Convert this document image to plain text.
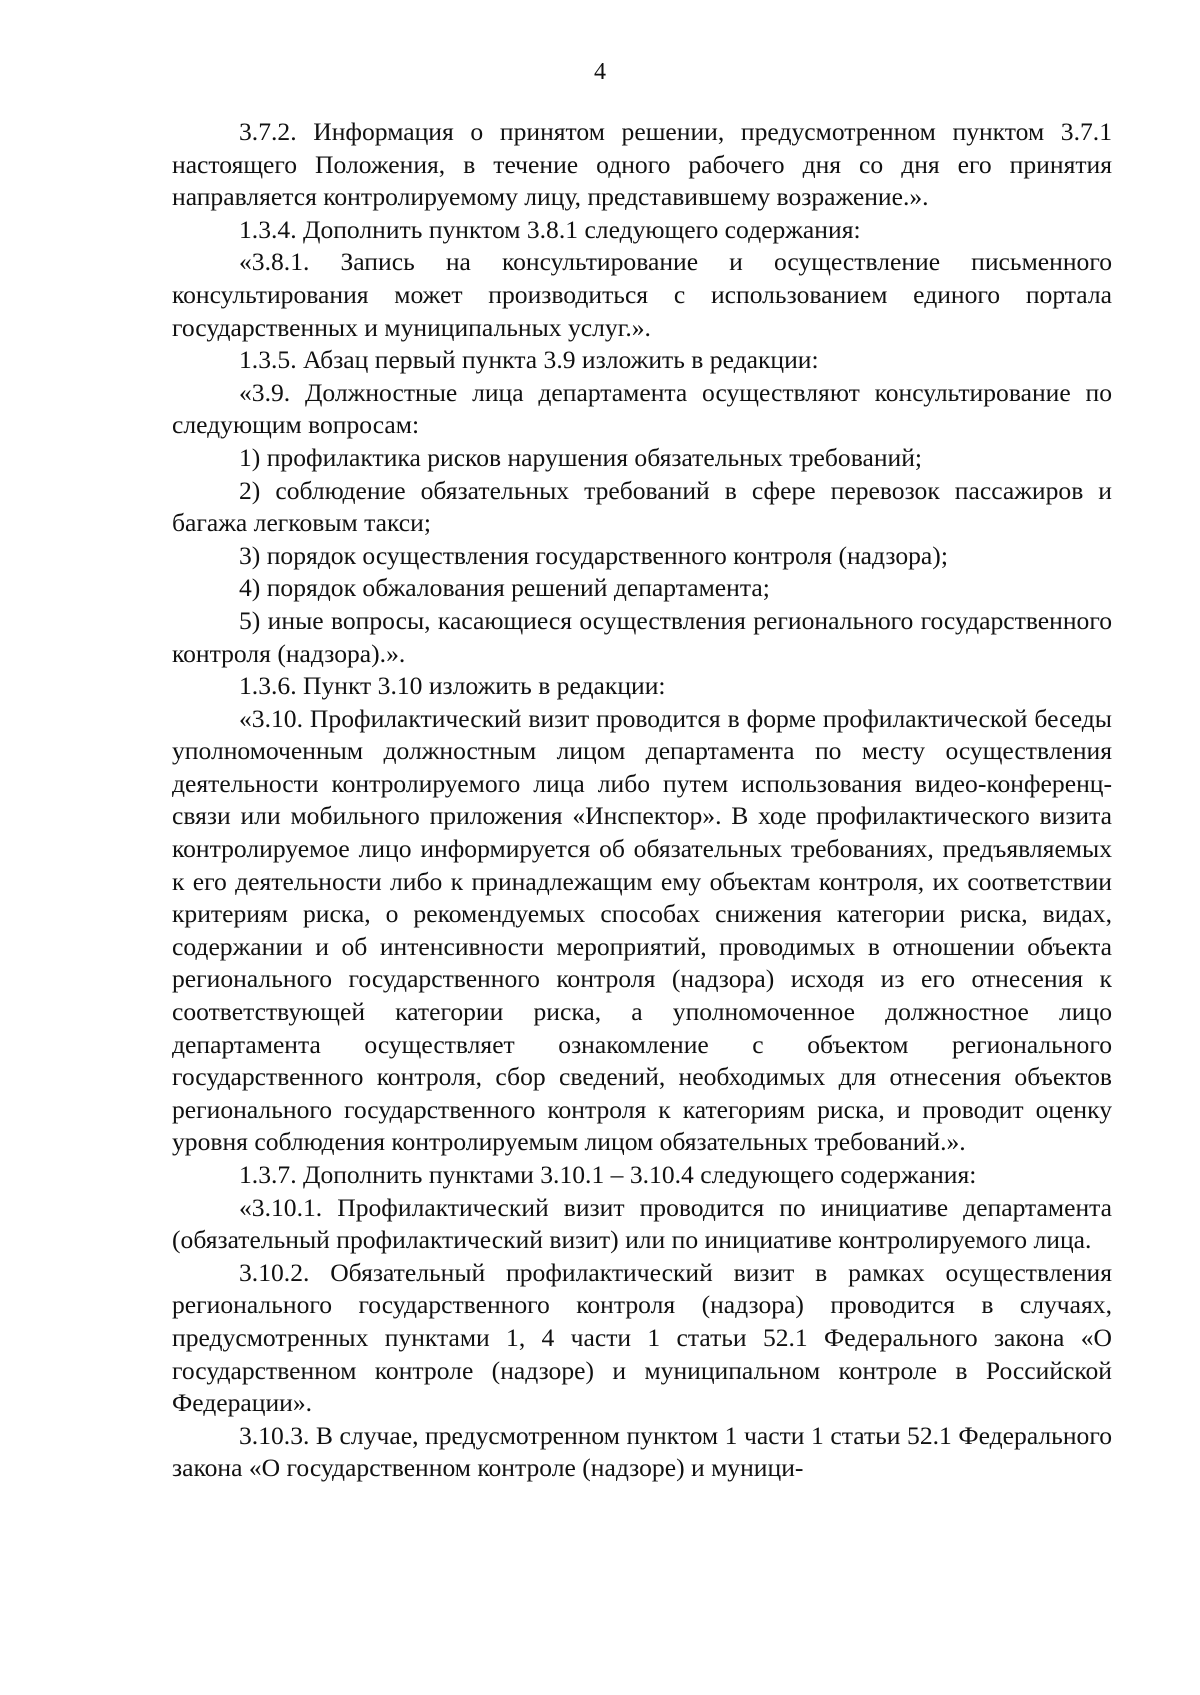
4

3.7.2. Информация о принятом решении, предусмотренном пунктом 3.7.1 настоящего Положения, в течение одного рабочего дня со дня его принятия направляется контролируемому лицу, представившему возражение.».

1.3.4. Дополнить пунктом 3.8.1 следующего содержания:

«3.8.1. Запись на консультирование и осуществление письменного консультирования может производиться с использованием единого портала государственных и муниципальных услуг.».

1.3.5. Абзац первый пункта 3.9 изложить в редакции:

«3.9. Должностные лица департамента осуществляют консультирование по следующим вопросам:

1) профилактика рисков нарушения обязательных требований;

2) соблюдение обязательных требований в сфере перевозок пассажиров и багажа легковым такси;

3) порядок осуществления государственного контроля (надзора);

4) порядок обжалования решений департамента;

5) иные вопросы, касающиеся осуществления регионального государственного контроля (надзора).».

1.3.6. Пункт 3.10 изложить в редакции:

«3.10. Профилактический визит проводится в форме профилактической беседы уполномоченным должностным лицом департамента по месту осуществления деятельности контролируемого лица либо путем использования видео-конференц-связи или мобильного приложения «Инспектор». В ходе профилактического визита контролируемое лицо информируется об обязательных требованиях, предъявляемых к его деятельности либо к принадлежащим ему объектам контроля, их соответствии критериям риска, о рекомендуемых способах снижения категории риска, видах, содержании и об интенсивности мероприятий, проводимых в отношении объекта регионального государственного контроля (надзора) исходя из его отнесения к соответствующей категории риска, а уполномоченное должностное лицо департамента осуществляет ознакомление с объектом регионального государственного контроля, сбор сведений, необходимых для отнесения объектов регионального государственного контроля к категориям риска, и проводит оценку уровня соблюдения контролируемым лицом обязательных требований.».

1.3.7. Дополнить пунктами 3.10.1 – 3.10.4 следующего содержания:

«3.10.1. Профилактический визит проводится по инициативе департамента (обязательный профилактический визит) или по инициативе контролируемого лица.

3.10.2. Обязательный профилактический визит в рамках осуществления регионального государственного контроля (надзора) проводится в случаях, предусмотренных пунктами 1, 4 части 1 статьи 52.1 Федерального закона «О государственном контроле (надзоре) и муниципальном контроле в Российской Федерации».

3.10.3. В случае, предусмотренном пунктом 1 части 1 статьи 52.1 Федерального закона «О государственном контроле (надзоре) и муници-
